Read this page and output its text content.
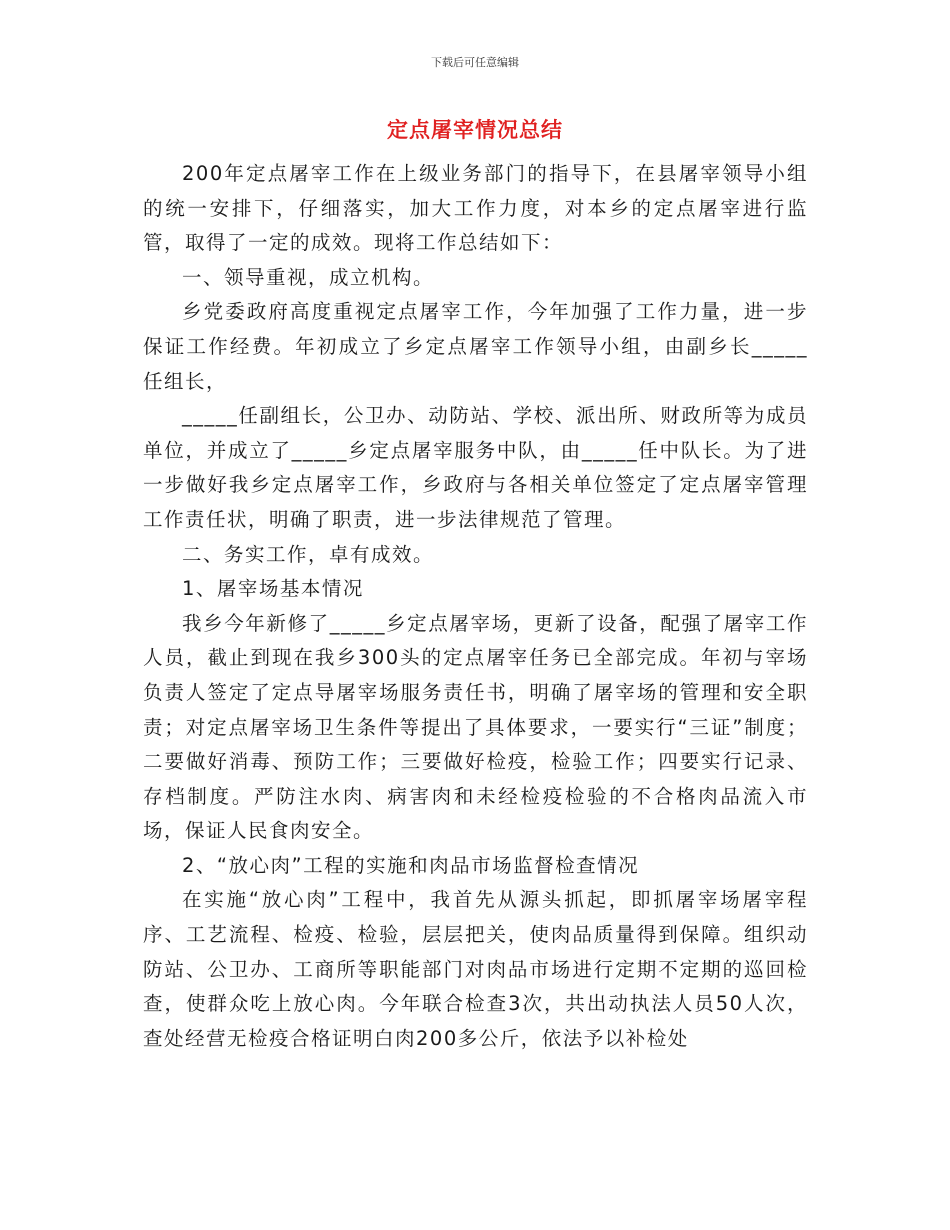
下载后可任意编辑
定点屠宰情况总结

200年定点屠宰工作在上级业务部门的指导下，在县屠宰领导小组的统一安排下，仔细落实，加大工作力度，对本乡的定点屠宰进行监管，取得了一定的成效。现将工作总结如下：

一、领导重视，成立机构。

乡党委政府高度重视定点屠宰工作，今年加强了工作力量，进一步保证工作经费。年初成立了乡定点屠宰工作领导小组，由副乡长_____任组长，

_____任副组长，公卫办、动防站、学校、派出所、财政所等为成员单位，并成立了_____乡定点屠宰服务中队，由_____任中队长。为了进一步做好我乡定点屠宰工作，乡政府与各相关单位签定了定点屠宰管理工作责任状，明确了职责，进一步法律规范了管理。

二、务实工作，卓有成效。

1、屠宰场基本情况

我乡今年新修了_____乡定点屠宰场，更新了设备，配强了屠宰工作人员，截止到现在我乡300头的定点屠宰任务已全部完成。年初与宰场负责人签定了定点导屠宰场服务责任书，明确了屠宰场的管理和安全职责；对定点屠宰场卫生条件等提出了具体要求，一要实行“三证”制度；二要做好消毒、预防工作；三要做好检疫，检验工作；四要实行记录、存档制度。严防注水肉、病害肉和未经检疫检验的不合格肉品流入市场，保证人民食肉安全。

2、“放心肉”工程的实施和肉品市场监督检查情况

在实施“放心肉”工程中，我首先从源头抓起，即抓屠宰场屠宰程序、工艺流程、检疫、检验，层层把关，使肉品质量得到保障。组织动防站、公卫办、工商所等职能部门对肉品市场进行定期不定期的巡回检查，使群众吃上放心肉。今年联合检查3次，共出动执法人员50人次，查处经营无检疫合格证明白肉200多公斤，依法予以补检处
